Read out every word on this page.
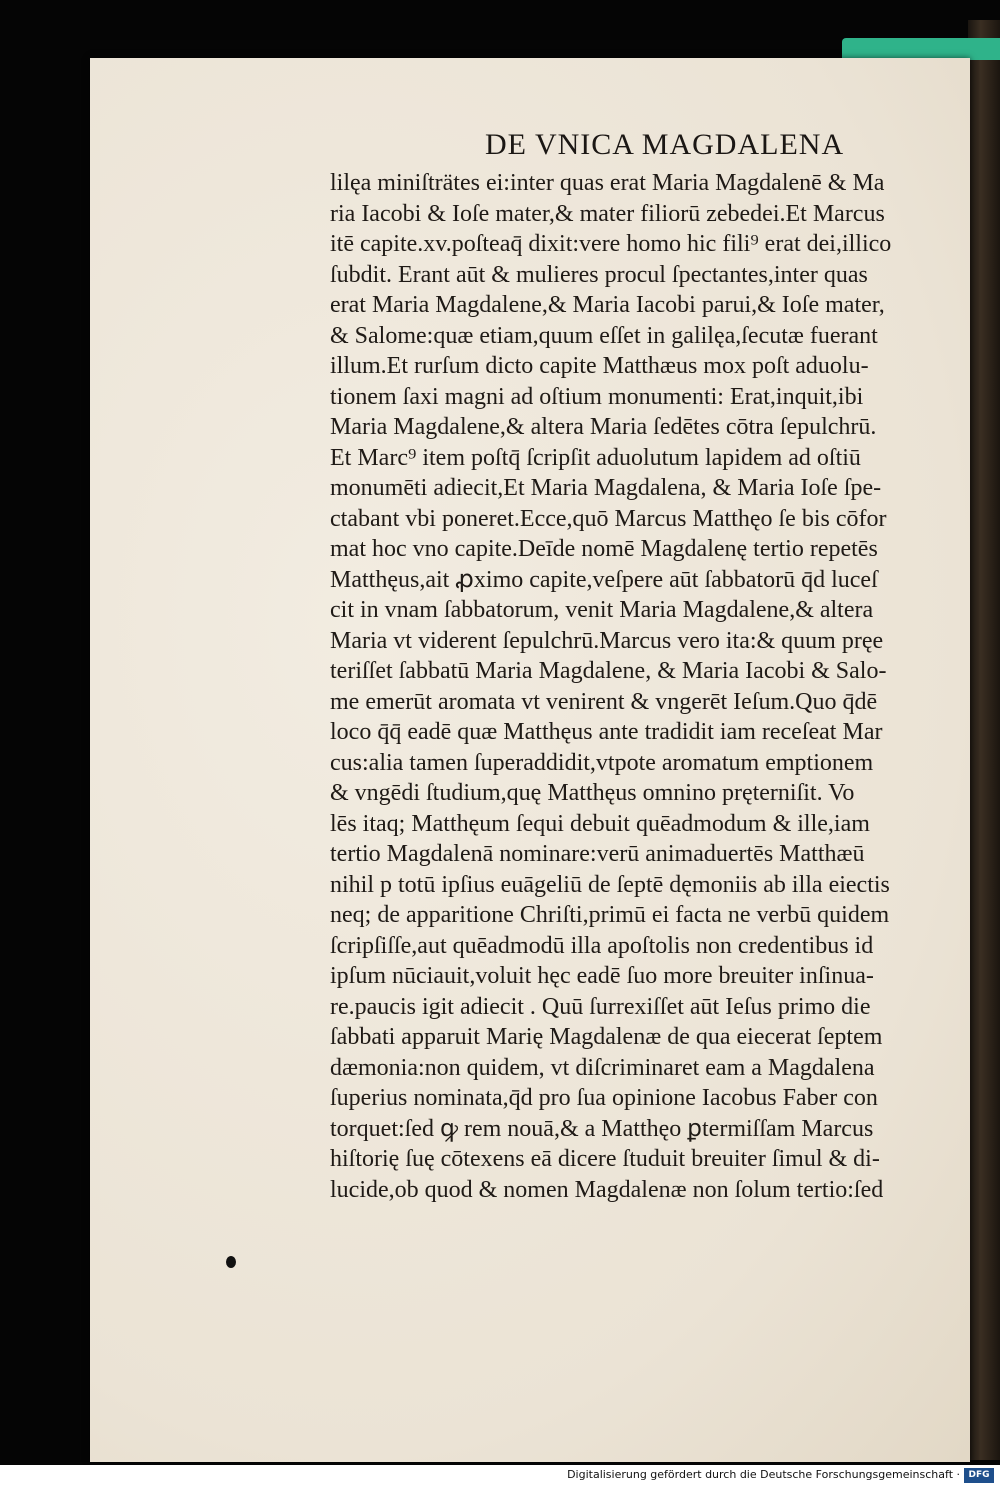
DE VNICA MAGDALENA
lilęa miniſträtes ei:inter quas erat Maria Magdalenē & Ma
ria Iacobi & Ioſe mater,& mater filiorū zebedei.Et Marcus
itē capite.xv.poſteaq̄ dixit:vere homo hic fili⁹ erat dei,illico
ſubdit. Erant aūt & mulieres procul ſpectantes,inter quas
erat Maria Magdalene,& Maria Iacobi parui,& Ioſe mater,
& Salome:quæ etiam,quum eſſet in galilęa,ſecutæ fuerant
illum.Et rurſum dicto capite Matthæus mox poſt aduolu-
tionem ſaxi magni ad oſtium monumenti: Erat,inquit,ibi
Maria Magdalene,& altera Maria ſedētes cōtra ſepulchrū.
Et Marc⁹ item poſtq̄ ſcripſit aduolutum lapidem ad oſtiū
monumēti adiecit,Et Maria Magdalena, & Maria Ioſe ſpe-
ctabant vbi poneret.Ecce,quō Marcus Matthęo ſe bis cōfor
mat hoc vno capite.Deīde nomē Magdalenę tertio repetēs
Matthęus,ait ꝓximo capite,veſpere aūt ſabbatorū q̄d luceſ
cit in vnam ſabbatorum, venit Maria Magdalene,& altera
Maria vt viderent ſepulchrū.Marcus vero ita:& quum pręe
teriſſet ſabbatū Maria Magdalene, & Maria Iacobi & Salo-
me emerūt aromata vt venirent & vngerēt Ieſum.Quo q̄dē
loco q̄q̄ eadē quæ Matthęus ante tradidit iam receſeat Mar
cus:alia tamen ſuperaddidit,vtpote aromatum emptionem
& vngēdi ſtudium,quę Matthęus omnino pręterniſit. Vo
lēs itaq; Matthęum ſequi debuit quēadmodum & ille,iam
tertio Magdalenā nominare:verū animaduertēs Matthæū
nihil p totū ipſius euāgeliū de ſeptē dęmoniis ab illa eiectis
neq; de apparitione Chriſti,primū ei facta ne verbū quidem
ſcripſiſſe,aut quēadmodū illa apoſtolis non credentibus id
ipſum nūciauit,voluit hęc eadē ſuo more breuiter inſinua-
re.paucis igit adiecit . Quū ſurrexiſſet aūt Ieſus primo die
ſabbati apparuit Marię Magdalenæ de qua eiecerat ſeptem
dæmonia:non quidem, vt diſcriminaret eam a Magdalena
ſuperius nominata,q̄d pro ſua opinione Iacobus Faber con
torquet:ſed ꝙ rem nouā,& a Matthęo ꝑtermiſſam Marcus
hiſtorię ſuę cōtexens eā dicere ſtuduit breuiter ſimul & di-
lucide,ob quod & nomen Magdalenæ non ſolum tertio:ſed
Digitalisierung gefördert durch die Deutsche Forschungsgemeinschaft · DFG
